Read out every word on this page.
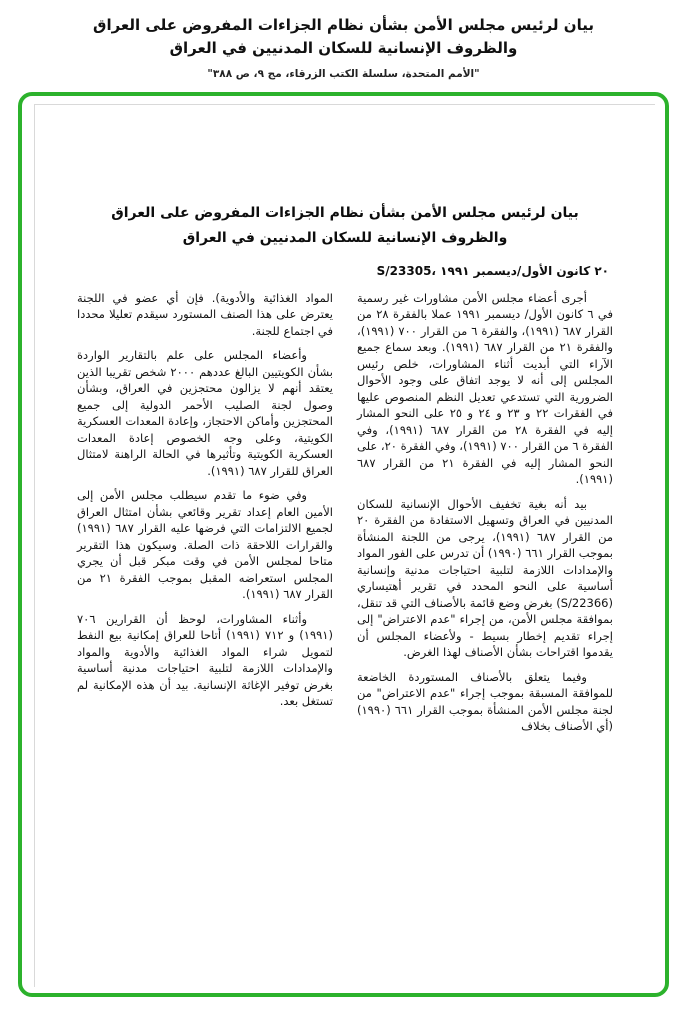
بيان لرئيس مجلس الأمن بشأن نظام الجزاءات المفروض على العراق
والظروف الإنسانية للسكان المدنيين في العراق
"الأمم المتحدة، سلسلة الكتب الزرقاء، مج ٩، ص ٣٨٨"
بيان لرئيس مجلس الأمن بشأن نظام الجزاءات المفروض على العراق
والظروف الإنسانية للسكان المدنيين في العراق
S/23305، ٢٠ كانون الأول/ديسمبر ١٩٩١

أجرى أعضاء مجلس الأمن مشاورات غير رسمية في ٦ كانون الأول/ ديسمبر ١٩٩١ عملا بالفقرة ٢٨ من القرار ٦٨٧ (١٩٩١)، والفقرة ٦ من القرار ٧٠٠ (١٩٩١)، والفقرة ٢١ من القرار ٦٨٧ (١٩٩١). وبعد سماع جميع الآراء التي أبديت أثناء المشاورات، خلص رئيس المجلس إلى أنه لا يوجد اتفاق على وجود الأحوال الضرورية التي تستدعي تعديل النظم المنصوص عليها في الفقرات ٢٢ و ٢٣ و ٢٤ و ٢٥ على النحو المشار إليه في الفقرة ٢٨ من القرار ٦٨٧ (١٩٩١)، وفي الفقرة ٦ من القرار ٧٠٠ (١٩٩١)، وفي الفقرة ٢٠، على النحو المشار إليه في الفقرة ٢١ من القرار ٦٨٧ (١٩٩١).

بيد أنه بغية تخفيف الأحوال الإنسانية للسكان المدنيين في العراق وتسهيل الاستفادة من الفقرة ٢٠ من القرار ٦٨٧ (١٩٩١)، يرجى من اللجنة المنشأة بموجب القرار ٦٦١ (١٩٩٠) أن تدرس على الفور المواد والإمدادات اللازمة لتلبية احتياجات مدنية وإنسانية أساسية على النحو المحدد في تقرير أهتيساري (S/22366) بغرض وضع قائمة بالأصناف التي قد تنقل، بموافقة مجلس الأمن، من إجراء "عدم الاعتراض" إلى إجراء تقديم إخطار بسيط - ولأعضاء المجلس أن يقدموا اقتراحات بشأن الأصناف لهذا الغرض.

وفيما يتعلق بالأصناف المستوردة الخاضعة للموافقة المسبقة بموجب إجراء "عدم الاعتراض" من لجنة مجلس الأمن المنشأة بموجب القرار ٦٦١ (١٩٩٠) (أي الأصناف بخلاف

المواد الغذائية والأدوية). فإن أي عضو في اللجنة يعترض على هذا الصنف المستورد سيقدم تعليلا محددا في اجتماع للجنة.

وأعضاء المجلس على علم بالتقارير الواردة بشأن الكويتيين البالغ عددهم ٢٠٠٠ شخص تقريبا الذين يعتقد أنهم لا يزالون محتجزين في العراق، وبشأن وصول لجنة الصليب الأحمر الدولية إلى جميع المحتجزين وأماكن الاحتجاز، وإعادة المعدات العسكرية الكويتية، وعلى وجه الخصوص إعادة المعدات العسكرية الكويتية وتأثيرها في الحالة الراهنة لامتثال العراق للقرار ٦٨٧ (١٩٩١).

وفي ضوء ما تقدم سيطلب مجلس الأمن إلى الأمين العام إعداد تقرير وقائعي بشأن امتثال العراق لجميع الالتزامات التي فرضها عليه القرار ٦٨٧ (١٩٩١) والقرارات اللاحقة ذات الصلة. وسيكون هذا التقرير متاحا لمجلس الأمن في وقت مبكر قبل أن يجري المجلس استعراضه المقبل بموجب الفقرة ٢١ من القرار ٦٨٧ (١٩٩١).

وأثناء المشاورات، لوحظ أن القرارين ٧٠٦ (١٩٩١) و ٧١٢ (١٩٩١) أتاحا للعراق إمكانية بيع النفط لتمويل شراء المواد الغذائية والأدوية والمواد والإمدادات اللازمة لتلبية احتياجات مدنية أساسية بغرض توفير الإغاثة الإنسانية. بيد أن هذه الإمكانية لم تستغل بعد.
